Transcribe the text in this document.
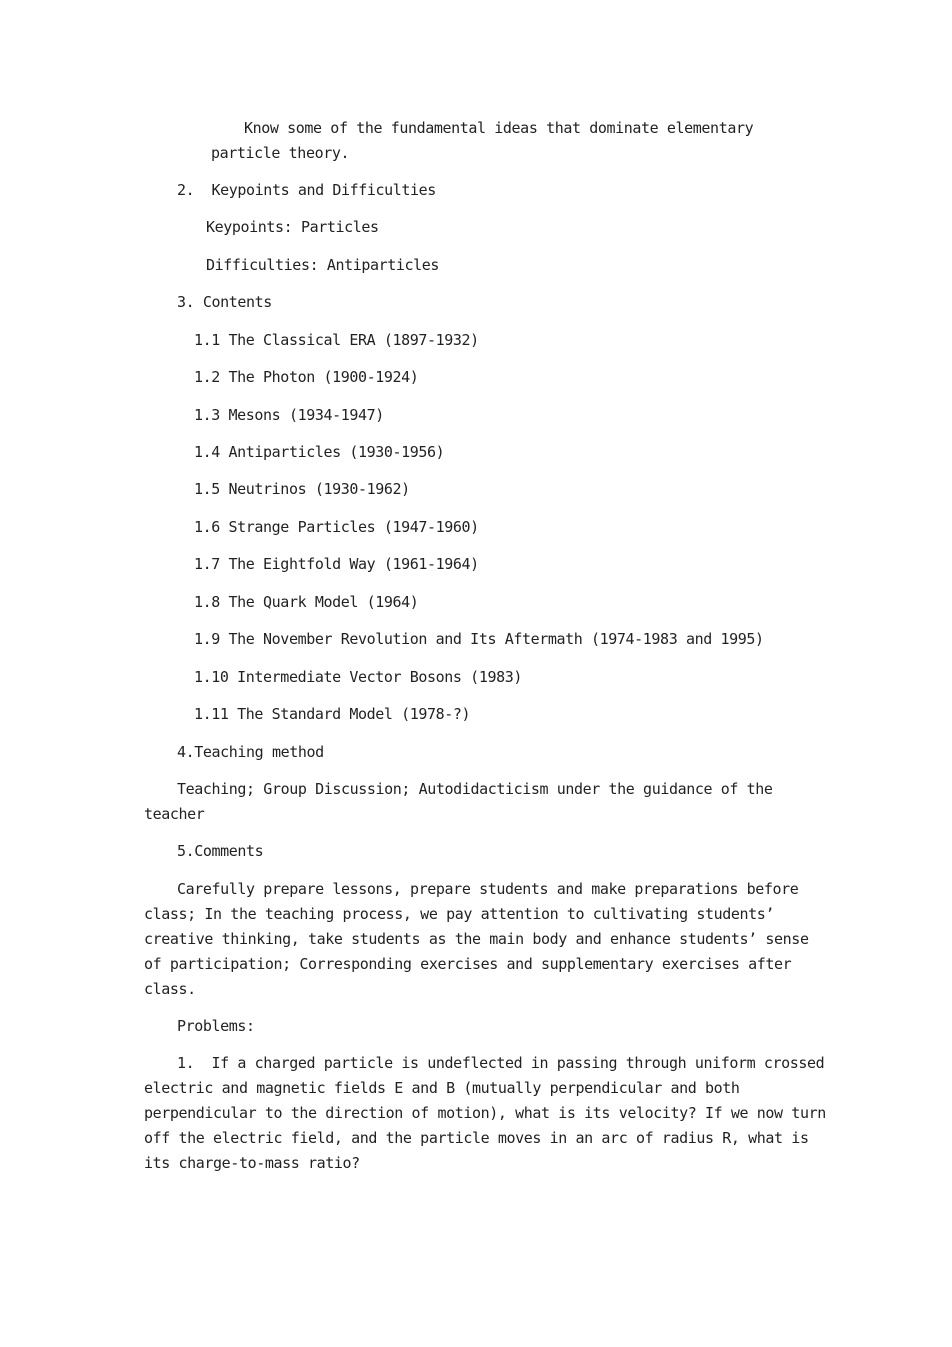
Know some of the fundamental ideas that dominate elementary
particle theory.
2.  Keypoints and Difficulties
Keypoints: Particles
Difficulties: Antiparticles
3. Contents
1.1 The Classical ERA (1897-1932)
1.2 The Photon (1900-1924)
1.3 Mesons (1934-1947)
1.4 Antiparticles (1930-1956)
1.5 Neutrinos (1930-1962)
1.6 Strange Particles (1947-1960)
1.7 The Eightfold Way (1961-1964)
1.8 The Quark Model (1964)
1.9 The November Revolution and Its Aftermath (1974-1983 and 1995)
1.10 Intermediate Vector Bosons (1983)
1.11 The Standard Model (1978-?)
4.Teaching method
Teaching; Group Discussion; Autodidacticism under the guidance of the
teacher
5.Comments
Carefully prepare lessons, prepare students and make preparations before
class; In the teaching process, we pay attention to cultivating students’
creative thinking, take students as the main body and enhance students’ sense
of participation; Corresponding exercises and supplementary exercises after
class.
Problems:
1.  If a charged particle is undeflected in passing through uniform crossed
electric and magnetic fields E and B (mutually perpendicular and both
perpendicular to the direction of motion), what is its velocity? If we now turn
off the electric field, and the particle moves in an arc of radius R, what is
its charge-to-mass ratio?
